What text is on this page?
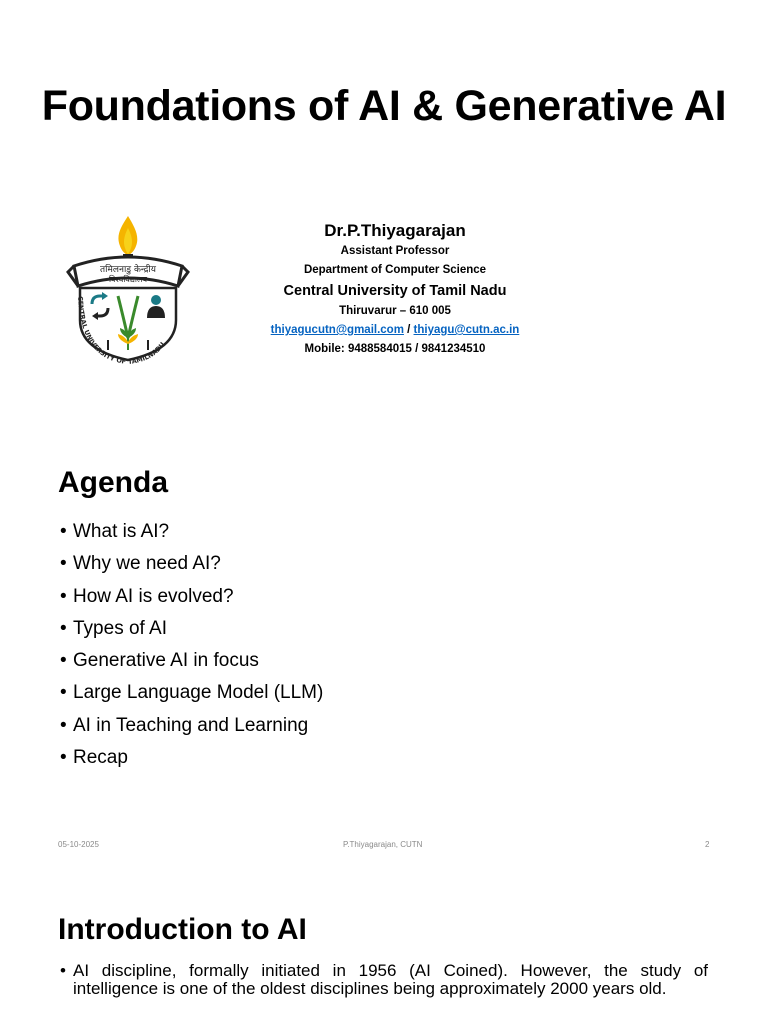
Foundations of AI & Generative AI
तमिलनाडु केन्द्रीय
विश्वविद्यालय
CENTRAL UNIVERSITY OF TAMILNADU
Dr.P.Thiyagarajan
Assistant Professor
Department of Computer Science
Central University of Tamil Nadu
Thiruvarur – 610 005
thiyagucutn@gmail.com / thiyagu@cutn.ac.in
Mobile: 9488584015 / 9841234510
Agenda
• What is AI?
• Why we need AI?
• How AI is evolved?
• Types of AI
• Generative AI in focus
• Large Language Model (LLM)
• AI in Teaching and Learning
• Recap
05-10-2025	P.Thiyagarajan, CUTN	2
Introduction to AI
• AI discipline, formally initiated in 1956 (AI Coined). However, the study of intelligence is one of the oldest disciplines being approximately 2000 years old.
